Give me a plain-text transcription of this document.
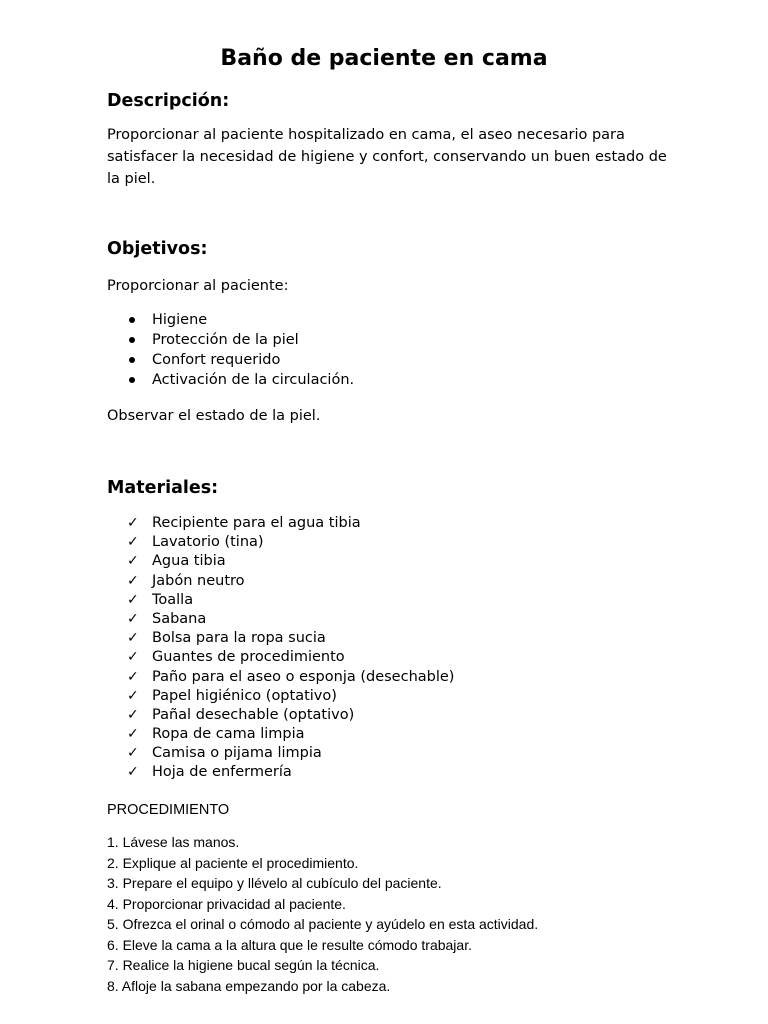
Baño de paciente en cama
Descripción:

Proporcionar al paciente hospitalizado en cama, el aseo necesario para satisfacer la necesidad de higiene y confort, conservando un buen estado de la piel.

Objetivos:

Proporcionar al paciente:

Higiene
Protección de la piel
Confort requerido
Activación de la circulación.

Observar el estado de la piel.

Materiales:
✓ Recipiente para el agua tibia
✓ Lavatorio (tina)
✓ Agua tibia
✓ Jabón neutro
✓ Toalla
✓ Sabana
✓ Bolsa para la ropa sucia
✓ Guantes de procedimiento
✓ Paño para el aseo o esponja (desechable)
✓ Papel higiénico (optativo)
✓ Pañal desechable (optativo)
✓ Ropa de cama limpia
✓ Camisa o pijama limpia
✓ Hoja de enfermería

PROCEDIMIENTO

1. Lávese las manos.
2. Explique al paciente el procedimiento.
3. Prepare el equipo y llévelo al cubículo del paciente.
4. Proporcionar privacidad al paciente.
5. Ofrezca el orinal o cómodo al paciente y ayúdelo en esta actividad.
6. Eleve la cama a la altura que le resulte cómodo trabajar.
7. Realice la higiene bucal según la técnica.
8. Afloje la sabana empezando por la cabeza.
